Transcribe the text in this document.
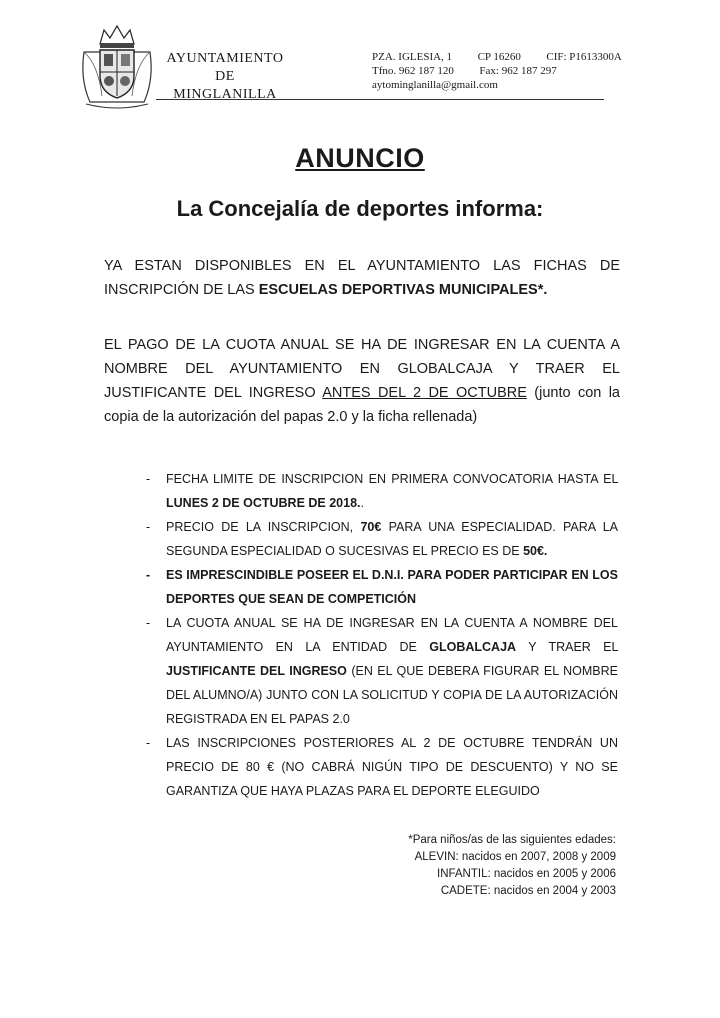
AYUNTAMIENTO
DE
MINGLANILLA
PZA. IGLESIA, 1 CP 16260 CIF: P1613300A
Tfno. 962 187 120 Fax: 962 187 297
aytominglanilla@gmail.com
ANUNCIO
La Concejalía de deportes informa:
YA ESTAN DISPONIBLES EN EL AYUNTAMIENTO LAS FICHAS DE INSCRIPCIÓN DE LAS ESCUELAS DEPORTIVAS MUNICIPALES*.
EL PAGO DE LA CUOTA ANUAL SE HA DE INGRESAR EN LA CUENTA A NOMBRE DEL AYUNTAMIENTO EN GLOBALCAJA Y TRAER EL JUSTIFICANTE DEL INGRESO ANTES DEL 2 DE OCTUBRE (junto con la copia de la autorización del papas 2.0 y la ficha rellenada)
- FECHA LIMITE DE INSCRIPCION EN PRIMERA CONVOCATORIA HASTA EL LUNES 2 DE OCTUBRE DE 2018..
- PRECIO DE LA INSCRIPCION, 70€ PARA UNA ESPECIALIDAD. PARA LA SEGUNDA ESPECIALIDAD O SUCESIVAS EL PRECIO ES DE 50€.
- ES IMPRESCINDIBLE POSEER EL D.N.I. PARA PODER PARTICIPAR EN LOS DEPORTES QUE SEAN DE COMPETICIÓN
- LA CUOTA ANUAL SE HA DE INGRESAR EN LA CUENTA A NOMBRE DEL AYUNTAMIENTO EN LA ENTIDAD DE GLOBALCAJA Y TRAER EL JUSTIFICANTE DEL INGRESO (EN EL QUE DEBERA FIGURAR EL NOMBRE DEL ALUMNO/A) JUNTO CON LA SOLICITUD Y COPIA DE LA AUTORIZACIÓN REGISTRADA EN EL PAPAS 2.0
- LAS INSCRIPCIONES POSTERIORES AL 2 DE OCTUBRE TENDRÁN UN PRECIO DE 80 € (NO CABRÁ NIGÚN TIPO DE DESCUENTO) Y NO SE GARANTIZA QUE HAYA PLAZAS PARA EL DEPORTE ELEGUIDO
*Para niños/as de las siguientes edades:
ALEVIN: nacidos en 2007, 2008 y 2009
INFANTIL: nacidos en 2005 y 2006
CADETE: nacidos en 2004 y 2003
